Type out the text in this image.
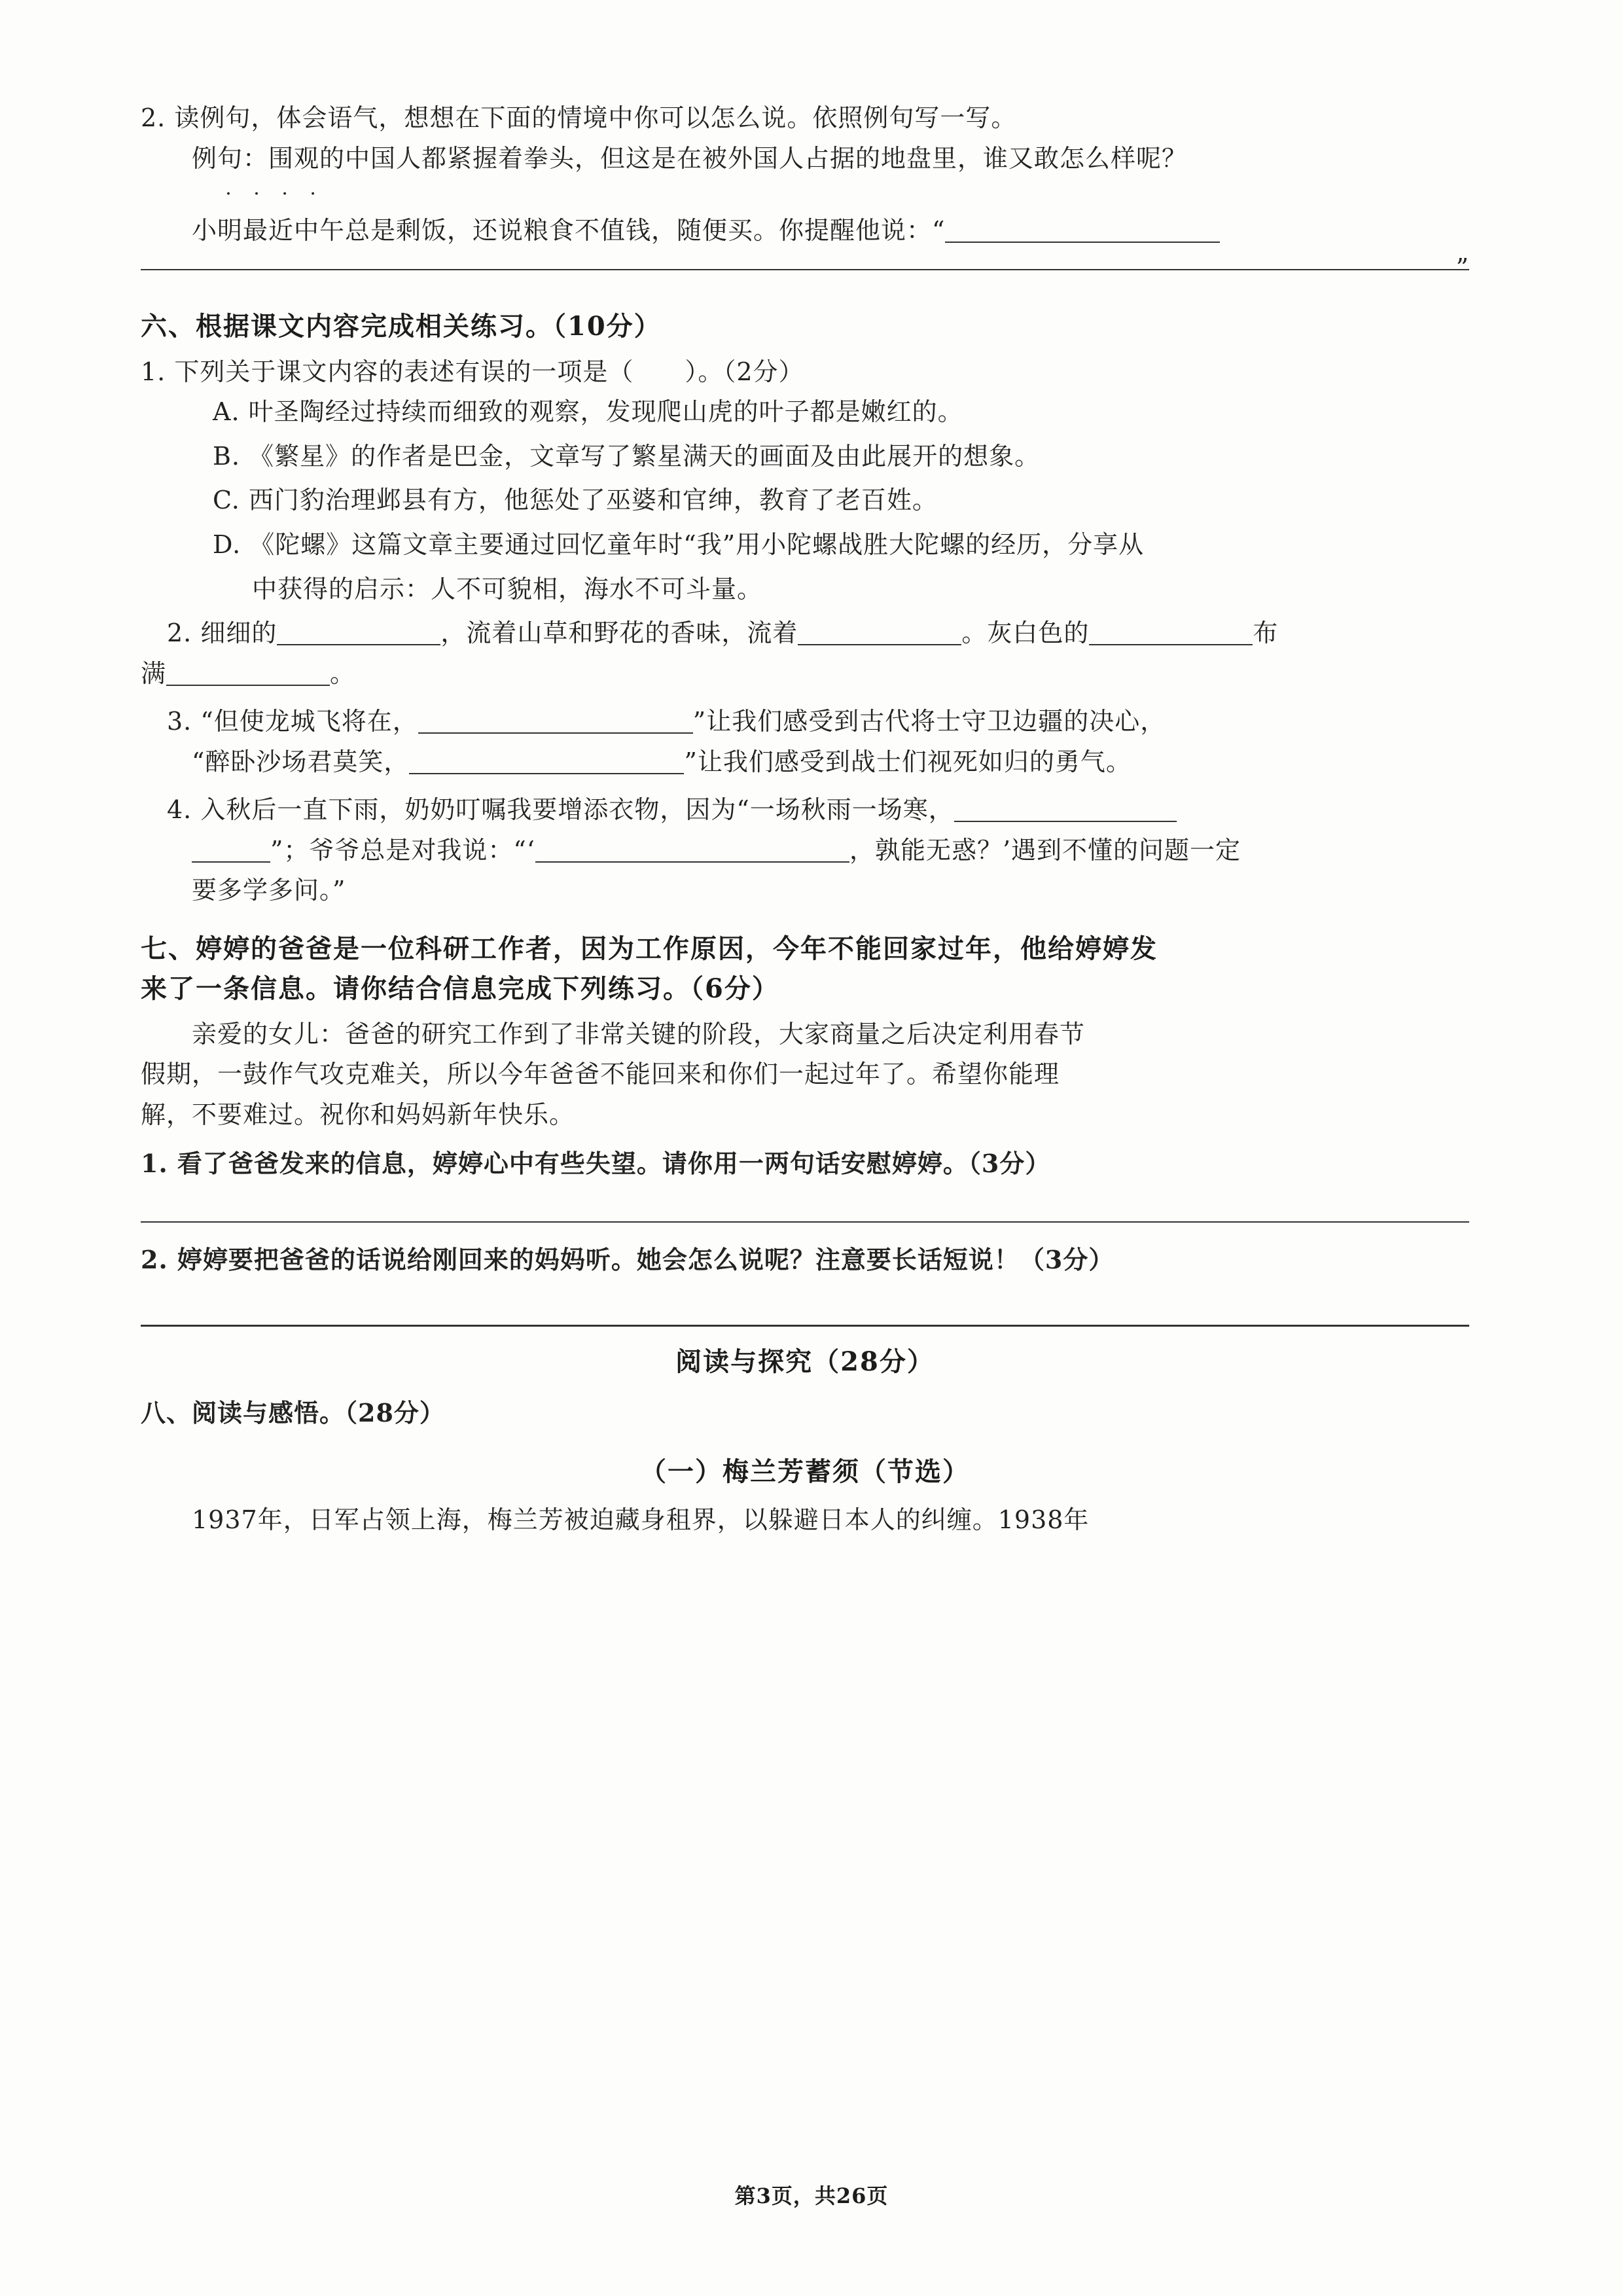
2. 读例句，体会语气，想想在下面的情境中你可以怎么说。依照例句写一写。
例句：围观的中国人都紧握着拳头，但这是在被外国人占据的地盘里，谁又敢怎么样呢？
· · · ·
小明最近中午总是剩饭，还说粮食不值钱，随便买。你提醒他说：“
”
六、根据课文内容完成相关练习。（10分）
1. 下列关于课文内容的表述有误的一项是（　　）。（2分）
A. 叶圣陶经过持续而细致的观察，发现爬山虎的叶子都是嫩红的。
B. 《繁星》的作者是巴金，文章写了繁星满天的画面及由此展开的想象。
C. 西门豹治理邺县有方，他惩处了巫婆和官绅，教育了老百姓。
D. 《陀螺》这篇文章主要通过回忆童年时“我”用小陀螺战胜大陀螺的经历，分享从
中获得的启示：人不可貌相，海水不可斗量。
2. 细细的	，流着山草和野花的香味，流着	。灰白色的	布
满	。
3. “但使龙城飞将在，	”让我们感受到古代将士守卫边疆的决心，
“醉卧沙场君莫笑，	”让我们感受到战士们视死如归的勇气。
4. 入秋后一直下雨，奶奶叮嘱我要增添衣物，因为“一场秋雨一场寒，
”；爷爷总是对我说：“‘	，孰能无惑？’遇到不懂的问题一定
要多学多问。”
七、婷婷的爸爸是一位科研工作者，因为工作原因，今年不能回家过年，他给婷婷发
来了一条信息。请你结合信息完成下列练习。（6分）
亲爱的女儿：爸爸的研究工作到了非常关键的阶段，大家商量之后决定利用春节
假期，一鼓作气攻克难关，所以今年爸爸不能回来和你们一起过年了。希望你能理
解，不要难过。祝你和妈妈新年快乐。
1. 看了爸爸发来的信息，婷婷心中有些失望。请你用一两句话安慰婷婷。（3分）
2. 婷婷要把爸爸的话说给刚回来的妈妈听。她会怎么说呢？注意要长话短说！（3分）
阅读与探究（28分）
八、阅读与感悟。（28分）
（一）梅兰芳蓄须（节选）
1937年，日军占领上海，梅兰芳被迫藏身租界，以躲避日本人的纠缠。1938年
第3页，共26页
